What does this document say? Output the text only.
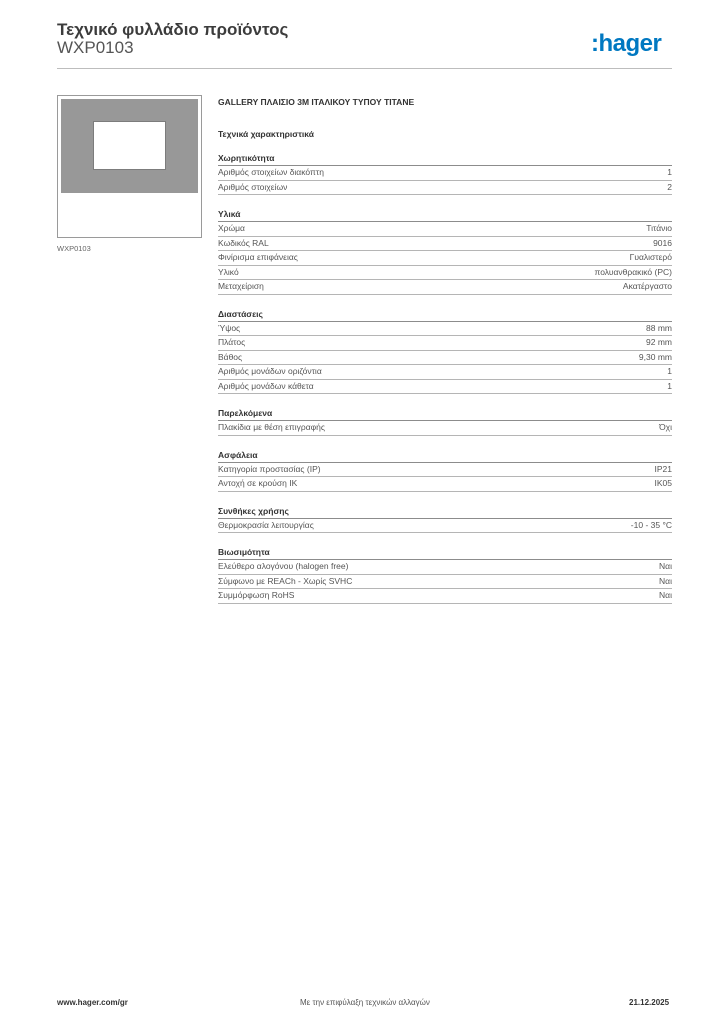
Τεχνικό φυλλάδιο προϊόντος
WXP0103	:hager
WXP0103
GALLERY ΠΛΑΙΣΙΟ 3Μ ΙΤΑΛΙΚΟΥ ΤΥΠΟΥ ΤΙΤΑΝΕ
Τεχνικά χαρακτηριστικά
Χωρητικότητα
Αριθμός στοιχείων διακόπτη	1
Αριθμός στοιχείων	2
Υλικά
Χρώμα	Τιτάνιο
Κωδικός RAL	9016
Φινίρισμα επιφάνειας	Γυαλιστερό
Υλικό	πολυανθρακικό (PC)
Μεταχείριση	Ακατέργαστο
Διαστάσεις
Ύψος	88 mm
Πλάτος	92 mm
Βάθος	9,30 mm
Αριθμός μονάδων οριζόντια	1
Αριθμός μονάδων κάθετα	1
Παρελκόμενα
Πλακίδια με θέση επιγραφής	Όχι
Ασφάλεια
Κατηγορία προστασίας (IP)	IP21
Αντοχή σε κρούση IK	IK05
Συνθήκες χρήσης
Θερμοκρασία λειτουργίας	-10 - 35 °C
Βιωσιμότητα
Ελεύθερο αλογόνου (halogen free)	Ναι
Σύμφωνο με REACh - Χωρίς SVHC	Ναι
Συμμόρφωση RoHS	Ναι
www.hager.com/gr	Με την επιφύλαξη τεχνικών αλλαγών	21.12.2025
